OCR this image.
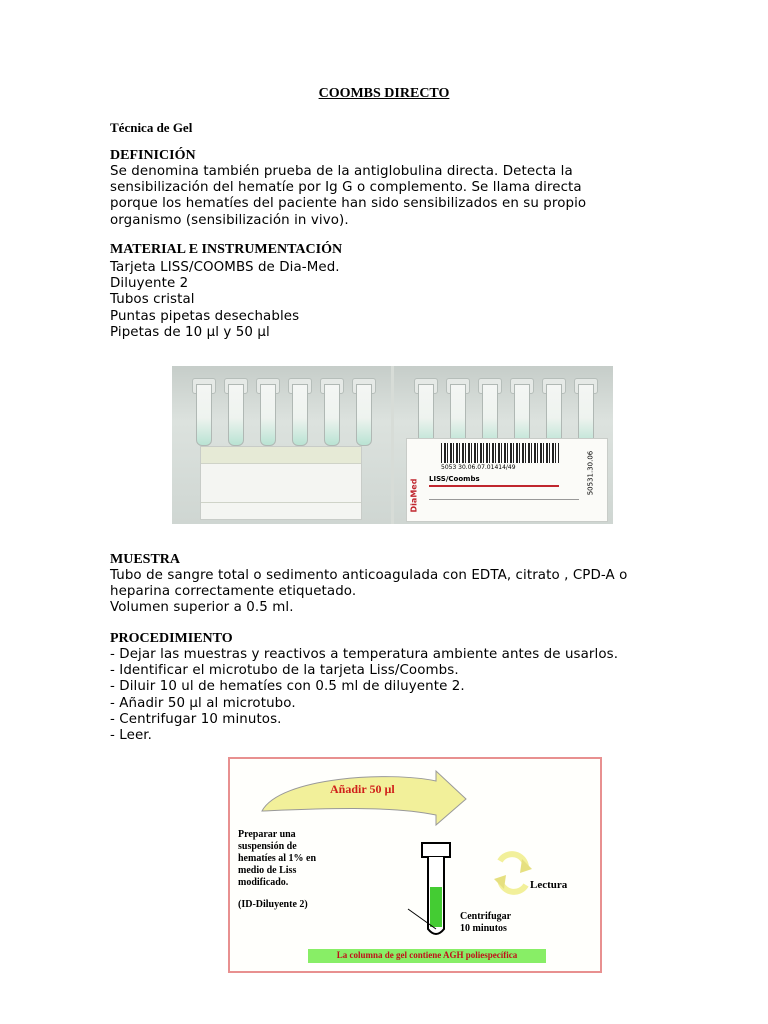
COOMBS DIRECTO
Técnica de Gel
DEFINICIÓN
Se denomina también prueba de la antiglobulina directa. Detecta la
sensibilización del hematíe por Ig G o complemento. Se llama directa
porque los hematíes del paciente han sido sensibilizados en su propio
organismo (sensibilización in vivo).
MATERIAL E INSTRUMENTACIÓN
Tarjeta LISS/COOMBS de Dia-Med.
Diluyente 2
Tubos cristal
Puntas pipetas desechables
Pipetas de 10 µl y 50 µl
5053 30.06.07.01414/49
DiaMed LISS/Coombs	50531.30.06
MUESTRA
Tubo de sangre total o sedimento anticoagulada con EDTA, citrato , CPD-A o
heparina correctamente etiquetado.
Volumen superior a 0.5 ml.
PROCEDIMIENTO
- Dejar las muestras y reactivos a temperatura ambiente antes de usarlos.
- Identificar el microtubo de la tarjeta Liss/Coombs.
- Diluir 10 ul de hematíes con 0.5 ml de diluyente 2.
- Añadir 50 µl al microtubo.
- Centrifugar 10 minutos.
- Leer.
Añadir 50 µl
Preparar una
suspensión de
hematíes al 1% en
medio de Liss
modificado.
(ID-Diluyente 2)
Lectura
Centrifugar
10 minutos
La columna de gel contiene AGH poliespecífica
